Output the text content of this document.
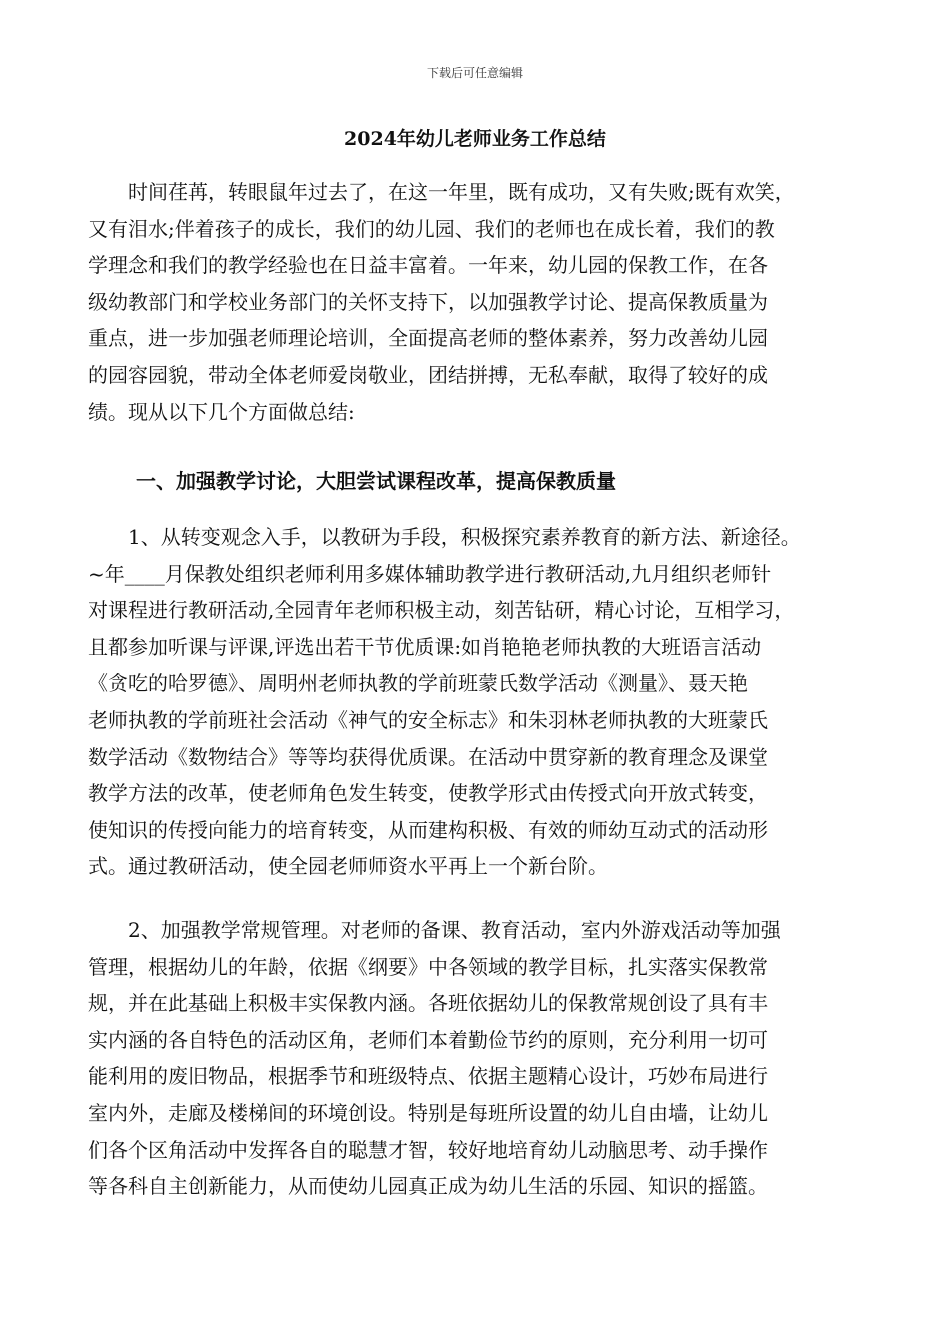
下载后可任意编辑
2024年幼儿老师业务工作总结
　　时间荏苒，转眼鼠年过去了，在这一年里，既有成功，又有失败;既有欢笑，
又有泪水;伴着孩子的成长，我们的幼儿园、我们的老师也在成长着，我们的教
学理念和我们的教学经验也在日益丰富着。一年来，幼儿园的保教工作，在各
级幼教部门和学校业务部门的关怀支持下，以加强教学讨论、提高保教质量为
重点，进一步加强老师理论培训，全面提高老师的整体素养，努力改善幼儿园
的园容园貌，带动全体老师爱岗敬业，团结拼搏，无私奉献，取得了较好的成
绩。现从以下几个方面做总结:
一、加强教学讨论，大胆尝试课程改革，提高保教质量
　　1、从转变观念入手，以教研为手段，积极探究素养教育的新方法、新途径。
~年____月保教处组织老师利用多媒体辅助教学进行教研活动,九月组织老师针
对课程进行教研活动,全园青年老师积极主动，刻苦钻研，精心讨论，互相学习，
且都参加听课与评课,评选出若干节优质课:如肖艳艳老师执教的大班语言活动
《贪吃的哈罗德》、周明州老师执教的学前班蒙氏数学活动《测量》、聂天艳
老师执教的学前班社会活动《神气的安全标志》和朱羽林老师执教的大班蒙氏
数学活动《数物结合》等等均获得优质课。在活动中贯穿新的教育理念及课堂
教学方法的改革，使老师角色发生转变，使教学形式由传授式向开放式转变，
使知识的传授向能力的培育转变，从而建构积极、有效的师幼互动式的活动形
式。通过教研活动，使全园老师师资水平再上一个新台阶。
　　2、加强教学常规管理。对老师的备课、教育活动，室内外游戏活动等加强
管理，根据幼儿的年龄，依据《纲要》中各领域的教学目标，扎实落实保教常
规，并在此基础上积极丰实保教内涵。各班依据幼儿的保教常规创设了具有丰
实内涵的各自特色的活动区角，老师们本着勤俭节约的原则，充分利用一切可
能利用的废旧物品，根据季节和班级特点、依据主题精心设计，巧妙布局进行
室内外，走廊及楼梯间的环境创设。特别是每班所设置的幼儿自由墙，让幼儿
们各个区角活动中发挥各自的聪慧才智，较好地培育幼儿动脑思考、动手操作
等各科自主创新能力，从而使幼儿园真正成为幼儿生活的乐园、知识的摇篮。
